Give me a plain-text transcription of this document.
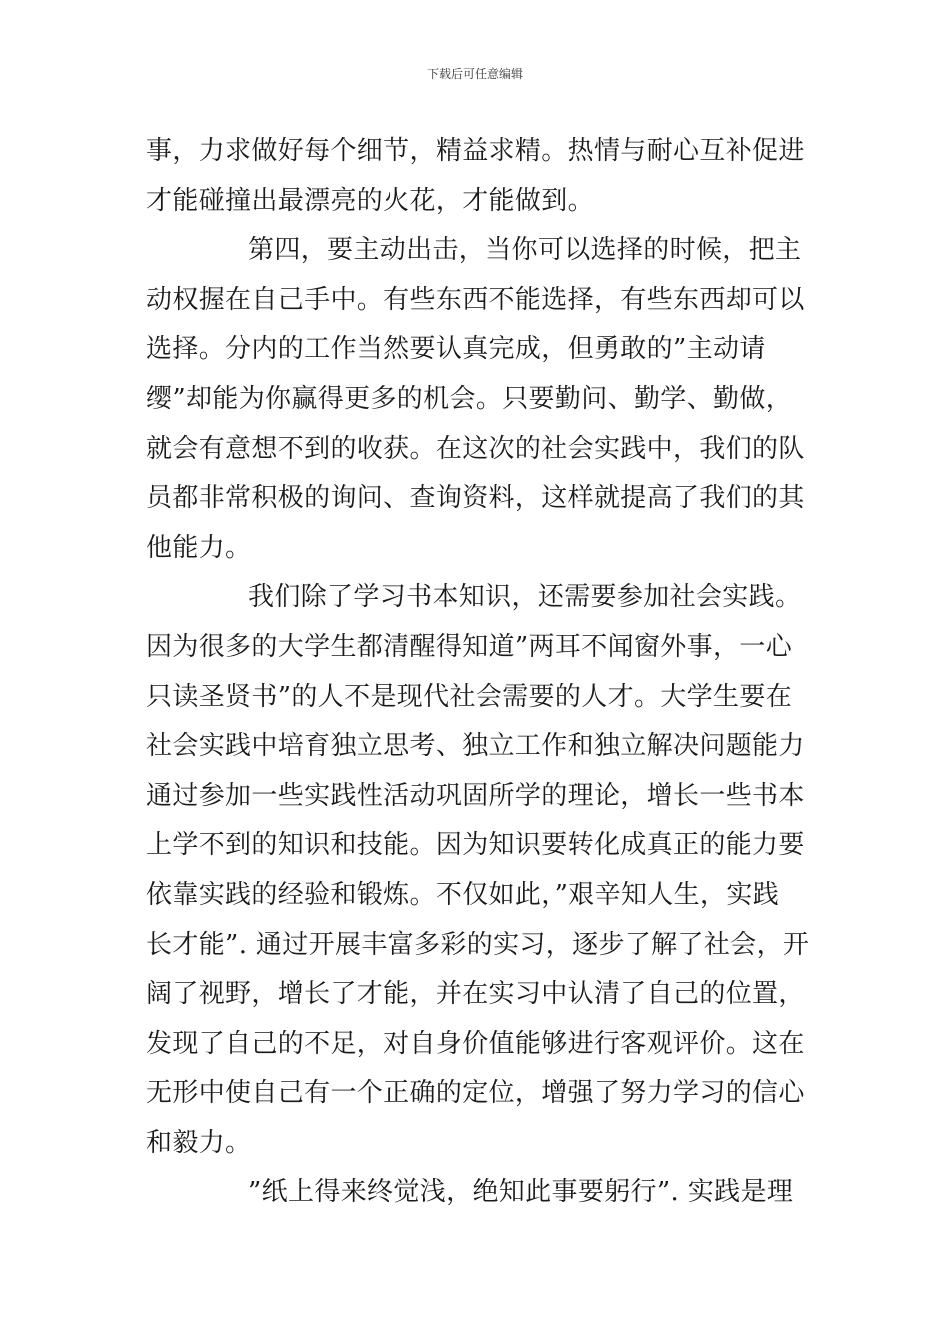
下载后可任意编辑
事，力求做好每个细节，精益求精。热情与耐心互补促进
才能碰撞出最漂亮的火花，才能做到。
第四，要主动出击，当你可以选择的时候，把主
动权握在自己手中。有些东西不能选择，有些东西却可以
选择。分内的工作当然要认真完成，但勇敢的”主动请
缨”却能为你赢得更多的机会。只要勤问、勤学、勤做，
就会有意想不到的收获。在这次的社会实践中，我们的队
员都非常积极的询问、查询资料，这样就提高了我们的其
他能力。
我们除了学习书本知识，还需要参加社会实践。
因为很多的大学生都清醒得知道”两耳不闻窗外事，一心
只读圣贤书”的人不是现代社会需要的人才。大学生要在
社会实践中培育独立思考、独立工作和独立解决问题能力
通过参加一些实践性活动巩固所学的理论，增长一些书本
上学不到的知识和技能。因为知识要转化成真正的能力要
依靠实践的经验和锻炼。不仅如此，”艰辛知人生，实践
长才能”. 通过开展丰富多彩的实习，逐步了解了社会，开
阔了视野，增长了才能，并在实习中认清了自己的位置，
发现了自己的不足，对自身价值能够进行客观评价。这在
无形中使自己有一个正确的定位，增强了努力学习的信心
和毅力。
”纸上得来终觉浅，绝知此事要躬行”. 实践是理
